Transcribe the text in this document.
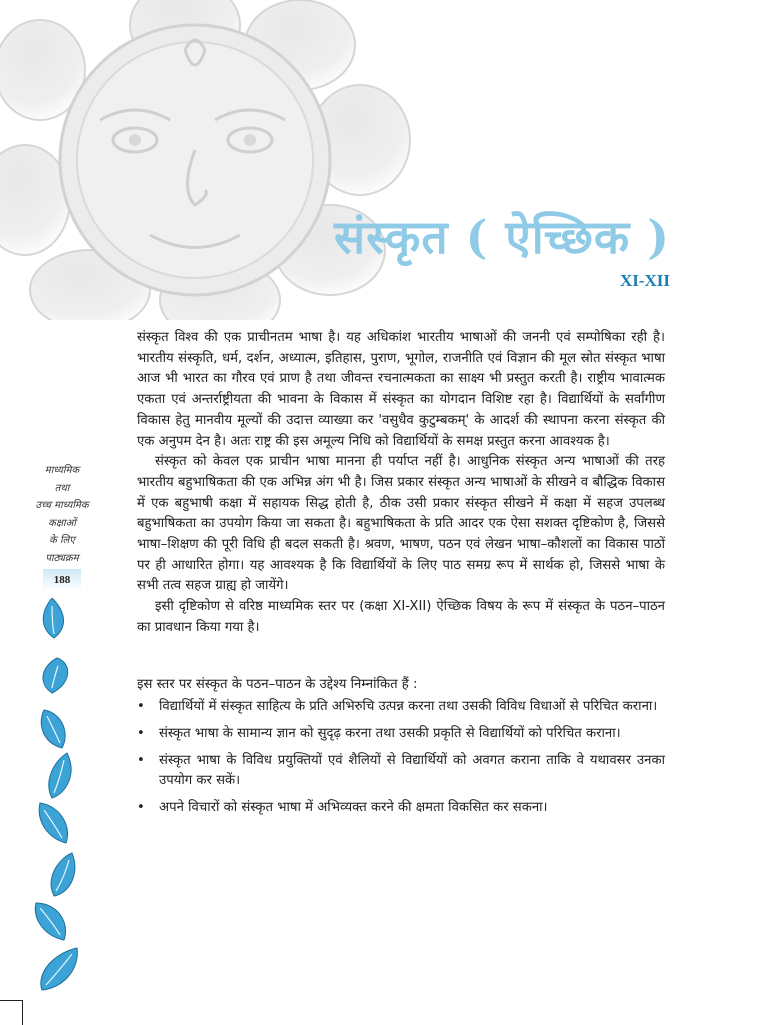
संस्कृत ( ऐच्छिक )
XI-XII
माध्यमिक
तथा
उच्च माध्यमिक
कक्षाओं
के लिए
पाठ्यक्रम
188

संस्कृत विश्व की एक प्राचीनतम भाषा है। यह अधिकांश भारतीय भाषाओं की जननी एवं सम्पोषिका रही है। भारतीय संस्कृति, धर्म, दर्शन, अध्यात्म, इतिहास, पुराण, भूगोल, राजनीति एवं विज्ञान की मूल स्रोत संस्कृत भाषा आज भी भारत का गौरव एवं प्राण है तथा जीवन्त रचनात्मकता का साक्ष्य भी प्रस्तुत करती है। राष्ट्रीय भावात्मक एकता एवं अन्तर्राष्ट्रीयता की भावना के विकास में संस्कृत का योगदान विशिष्ट रहा है। विद्यार्थियों के सर्वांगीण विकास हेतु मानवीय मूल्यों की उदात्त व्याख्या कर 'वसुधैव कुटुम्बकम्' के आदर्श की स्थापना करना संस्कृत की एक अनुपम देन है। अतः राष्ट्र की इस अमूल्य निधि को विद्यार्थियों के समक्ष प्रस्तुत करना आवश्यक है।

संस्कृत को केवल एक प्राचीन भाषा मानना ही पर्याप्त नहीं है। आधुनिक संस्कृत अन्य भाषाओं की तरह भारतीय बहुभाषिकता की एक अभिन्न अंग भी है। जिस प्रकार संस्कृत अन्य भाषाओं के सीखने व बौद्धिक विकास में एक बहुभाषी कक्षा में सहायक सिद्ध होती है, ठीक उसी प्रकार संस्कृत सीखने में कक्षा में सहज उपलब्ध बहुभाषिकता का उपयोग किया जा सकता है। बहुभाषिकता के प्रति आदर एक ऐसा सशक्त दृष्टिकोण है, जिससे भाषा–शिक्षण की पूरी विधि ही बदल सकती है। श्रवण, भाषण, पठन एवं लेखन भाषा–कौशलों का विकास पाठों पर ही आधारित होगा। यह आवश्यक है कि विद्यार्थियों के लिए पाठ समग्र रूप में सार्थक हो, जिससे भाषा के सभी तत्व सहज ग्राह्य हो जायेंगे।

इसी दृष्टिकोण से वरिष्ठ माध्यमिक स्तर पर (कक्षा XI-XII) ऐच्छिक विषय के रूप में संस्कृत के पठन–पाठन का प्रावधान किया गया है।

इस स्तर पर संस्कृत के पठन–पाठन के उद्देश्य निम्नांकित हैं :

• विद्यार्थियों में संस्कृत साहित्य के प्रति अभिरुचि उत्पन्न करना तथा उसकी विविध विधाओं से परिचित कराना।
• संस्कृत भाषा के सामान्य ज्ञान को सुदृढ़ करना तथा उसकी प्रकृति से विद्यार्थियों को परिचित कराना।
• संस्कृत भाषा के विविध प्रयुक्तियों एवं शैलियों से विद्यार्थियों को अवगत कराना ताकि वे यथावसर उनका उपयोग कर सकें।
• अपने विचारों को संस्कृत भाषा में अभिव्यक्त करने की क्षमता विकसित कर सकना।
